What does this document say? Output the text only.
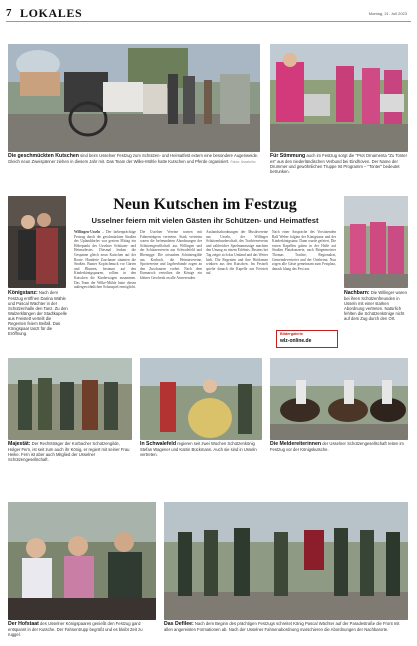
7 LOKALES	Montag, 21. Juli 2023
Die geschmückten Kutschen sind beim Usselner Festzug zum Schützen- und Heimatfest extern eine besondere Augenweide. Gleich neun Zweispänner ziehen in diesem Jahr mit. Das Team der Wilke-Mühle hatte Kutschen und Pferde organisiert. Fotos: Usseln/hz
Für Stimmung auch im Festzug sorgt die "Prot Ornamenta "Zu Tonter es" aus den niederländischen Verbund bei Eindhoven. Der Name der Drummer und gewöhnlichen Truppe Ist Programm – "Tonter" bedeutet betrunken.
Königstanz: Nach dem Festzug eröffnen Darina Wähle und Pascal Wächter in der Schützenhalle den Tanz. Zu den Walzerklängen der Stadtkapelle aus Freistett verteilt die Regenten feiern Beifall. Das Königspaar tanzt für die Eröffnung.
Neun Kutschen im Festzug
Usselner feiern mit vielen Gästen ihr Schützen- und Heimatfest
Willingen-Usseln – Der farbenprächtige Festzug durch die geschmückten Straßen des Uplanddorfes war gestern Mittag ein Höhepunkt des Usselner Schützen- und Heimatfestes. Diesmal lenken die Gespanne gleich neun Kutschen auf der Route. Hunderte Zuschauer säumten die Straßen. Bunter Kopfschmuck vor Gärten und Blumen, bestaunt auf den Kinderkönigspaaren, rollten in den Kutschen die Kinderwagen zusammen. Das Team der Wilke-Mühle hatte diesen außergewöhnlichen Schauspiel ermöglicht.
Die Usselner Vereine warten mit Fahnenträgern vertreten. Stark vertreten waren die befreundeten Abordnungen der Schützengesellschaft aus Willingen und der Schützenverein aus Schwalefeld und Rhenegge. Die ortsnahen Schützengilde aus Korbach, die Heimatvereine, Sportvereine und Jagdverbände zogen an den Zuschauern vorbei. Nach dem Einmarsch verteilten die Könige ein kleines Geschenk an alle Anwesenden.
Auslandsabordnungen der Musikvereine aus Usseln, der Willinger Schützenbruderschaft, des Trachtenvereins und zahlreicher Spielmannszüge machten den Umzug zu einem Erlebnis. Bestens bei Tag zeigte sich das Umland und das Wetter hielt. Die Regenten und ihre Hofdamen winkten aus den Kutschen. Im Festzelt spielte danach die Kapelle aus Freistett auf.
Nach einer Ansprache des Vorsitzenden Ralf Weber folgten der Königstanz und der Kinderkönigstanz. Dann wurde gefeiert. Die ersten Kapellen gaben in der Halle auf Straßen Platzkonzerte, nach Bürgermeister Thomas Trachte, Regionalrat, Gemeindevertreter und der Ortsbeirat. Nun zogen alle Gäste gemeinsam zum Festplatz, danach klang das Fest aus.
Nachbarn: Die Willinger waren bei ihren Schützenfreunden in Usseln mit einer starken Abordnung vertreten. Natürlich fehlten die Schützenkönige nicht auf dem Zug durch den Ort.
Bildergalerie
wlz-online.de
Majestät: Der Rechtsträger der Korbacher Schützengilde, Holger Fern, ist seit zum auch ihr König, er regiert mit seiner Frau Heike. Fern ist aber auch Mitglied der Usselner Schützengesellschaft.
In Schwalefeld regieren seit zwei Wochen Schützenkönig Stefan Wagener und Katrin Bückmann. Auch sie sind in Usseln vertreten.
Die Meldereiterinnen der Usselner Schützengesellschaft reiten im Festzug vor der Königskutsche.
Der Hofstaat des Usselner Königspaares genießt den Festzug ganz entspannt in der Kutsche. Der Fahnentrupp begrüßt und es bleibt Zeit zu ruggel.
Das Defilee: Nach dem Beginn des prächtigen Festzugs schreitet König Pascal Wächter auf der Paradestraße die Front mit allen angereisten Formationen ab. Nach der Usselner Fahnenabordnung marschieren die Abordnungen der Nachbarorte.
